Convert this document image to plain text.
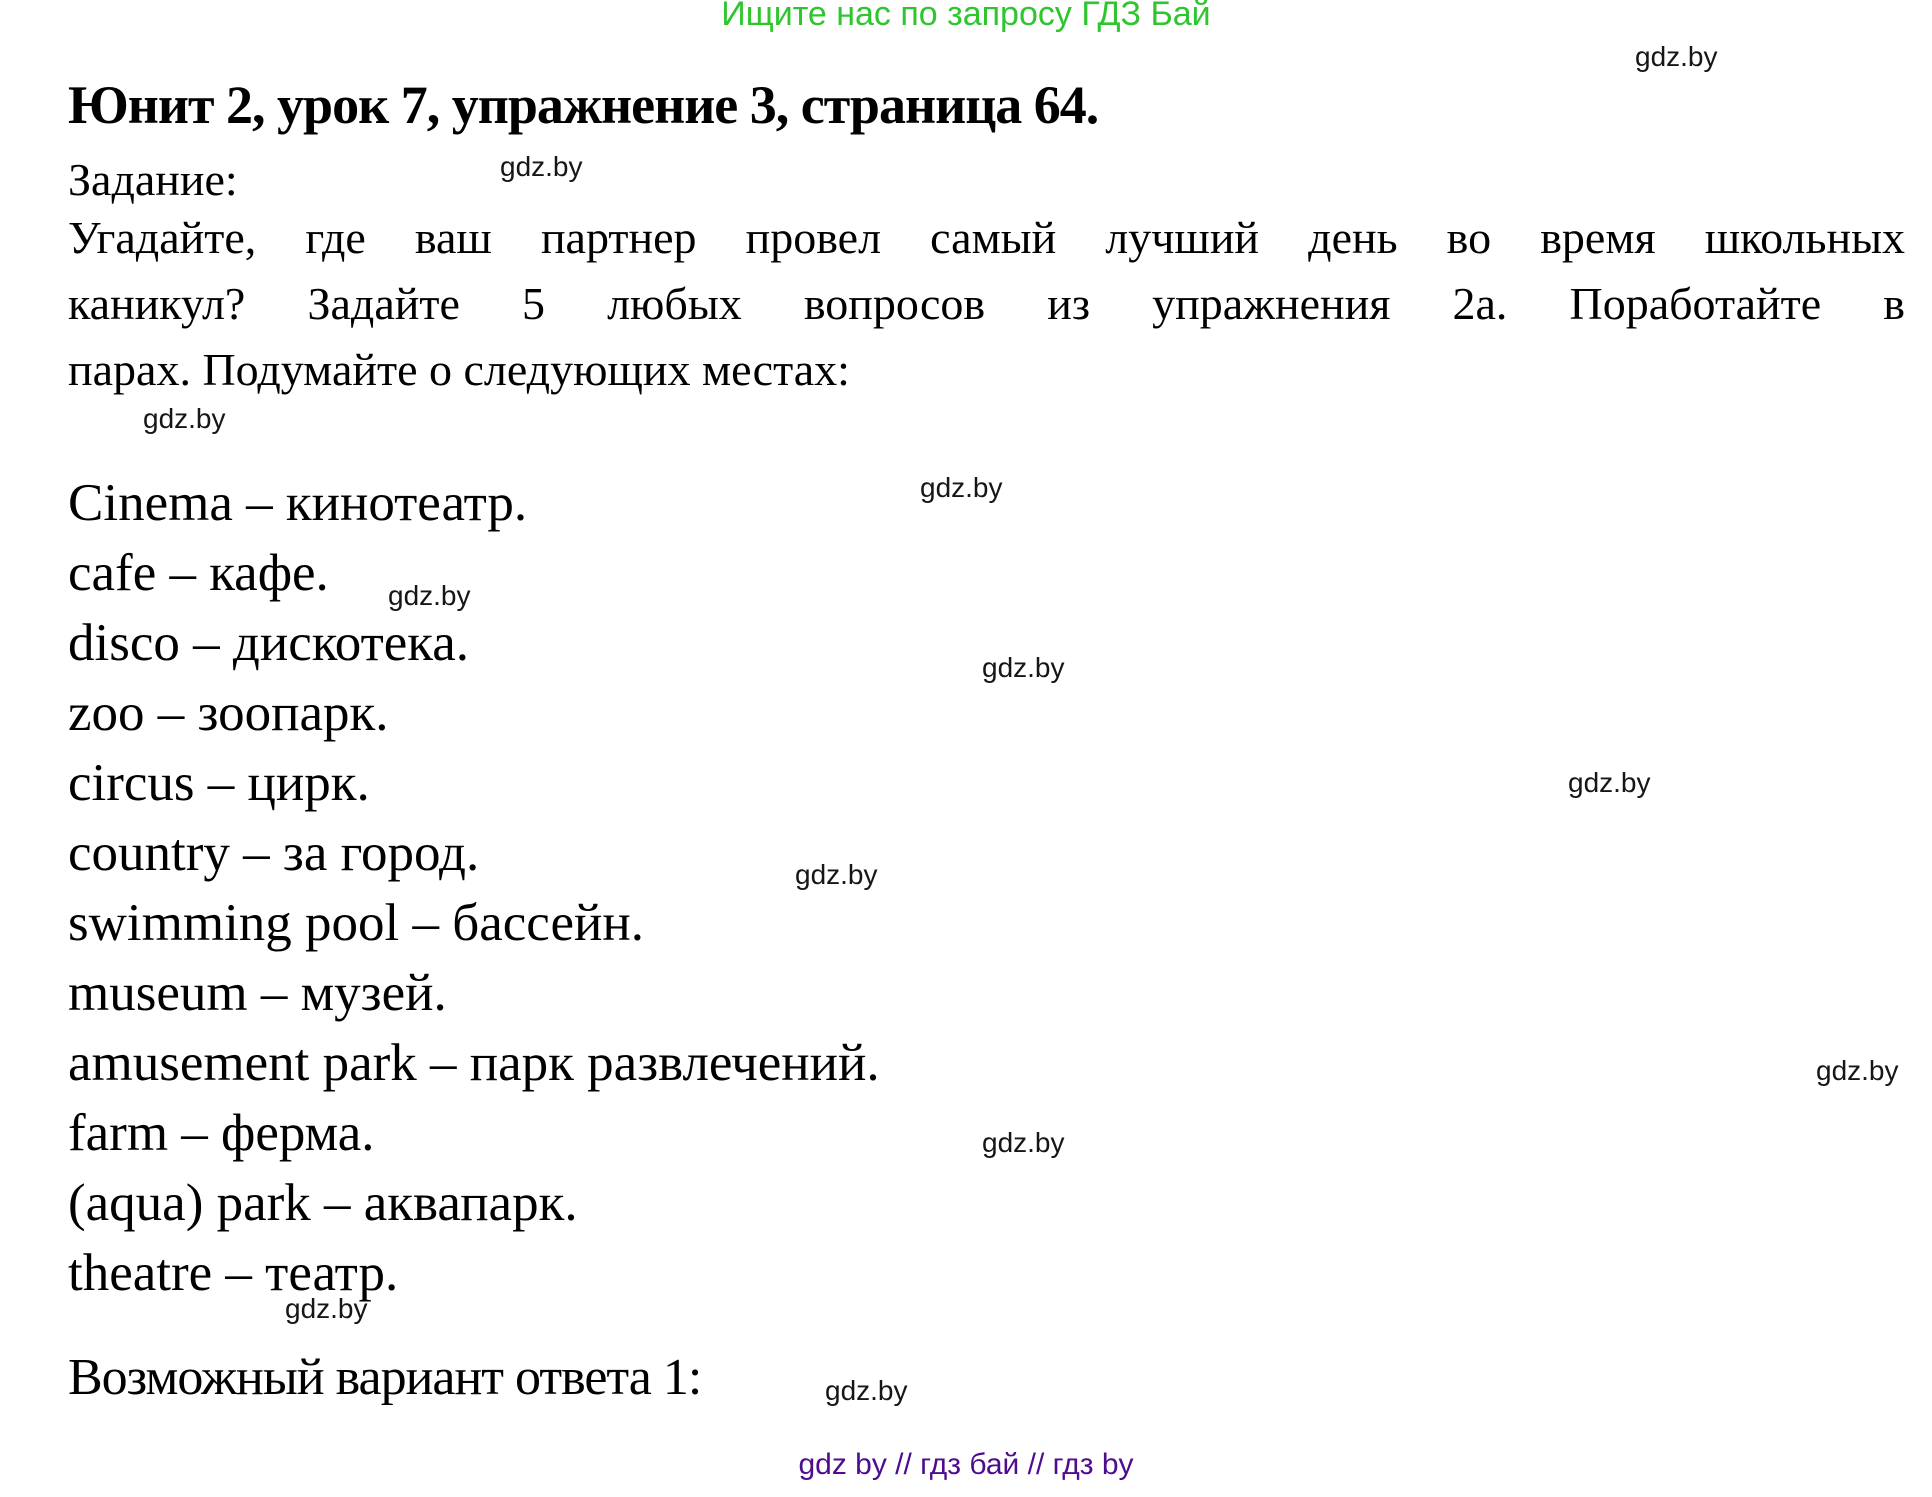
Ищите нас по запросу ГДЗ Бай
gdz.by
Юнит 2, урок 7, упражнение 3, страница 64.
Задание:	gdz.by
Угадайте, где ваш партнер провел самый лучший день во время школьных
каникул? Задайте 5 любых вопросов из упражнения 2а. Поработайте в
парах. Подумайте о следующих местах:
gdz.by
Cinema – кинотеатр.
cafe – кафе.
disco – дискотека.
zoo – зоопарк.
circus – цирк.
country – за город.
swimming pool – бассейн.
museum – музей.
amusement park – парк развлечений.
farm – ферма.
(aqua) park – аквапарк.
theatre – театр.
gdz.by
gdz.by
gdz.by
gdz.by
gdz.by
gdz.by
gdz.by
gdz.by
Возможный вариант ответа 1:	gdz.by
gdz by // гдз бай // гдз by
